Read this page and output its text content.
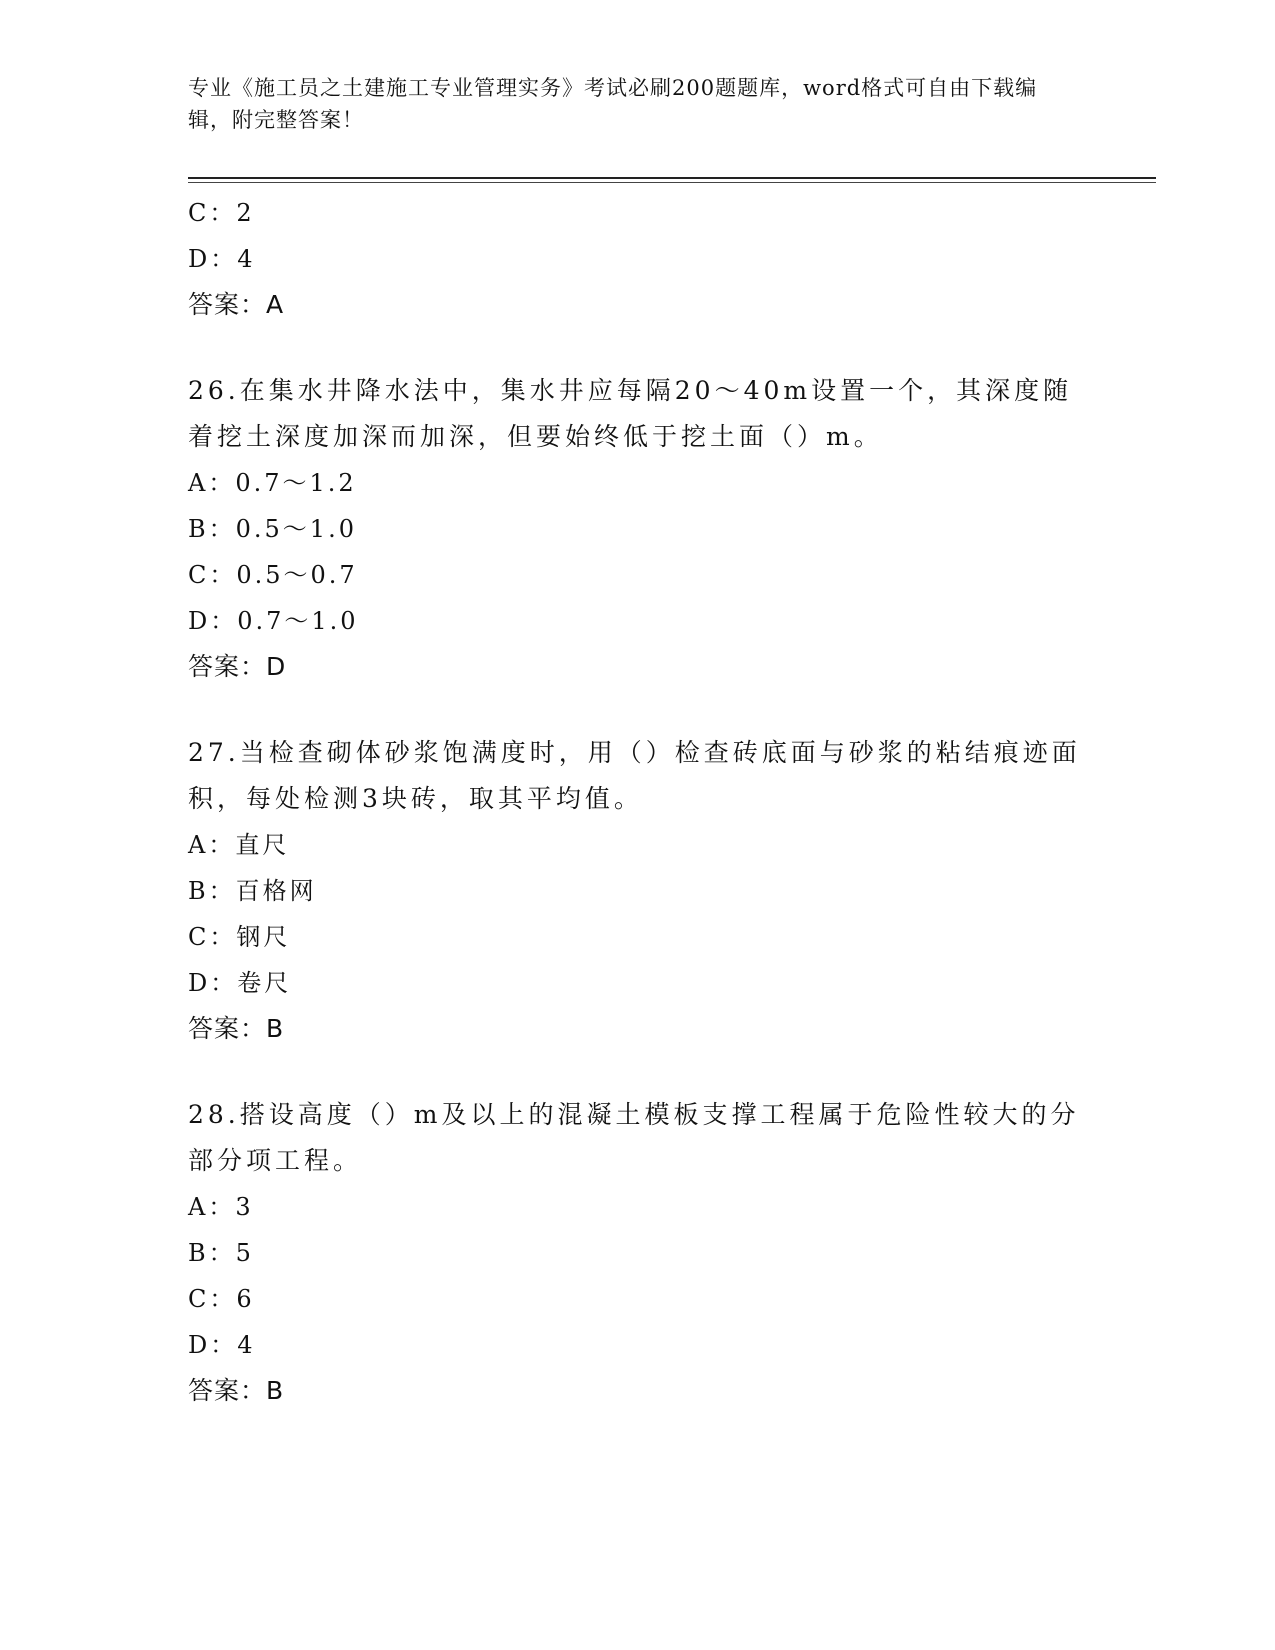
专业《施工员之土建施工专业管理实务》考试必刷200题题库，word格式可自由下载编辑，附完整答案！
C：2
D：4
答案：A
26.在集水井降水法中，集水井应每隔20～40m设置一个，其深度随着挖土深度加深而加深，但要始终低于挖土面（）m。
A：0.7～1.2
B：0.5～1.0
C：0.5～0.7
D：0.7～1.0
答案：D
27.当检查砌体砂浆饱满度时，用（）检查砖底面与砂浆的粘结痕迹面积，每处检测3块砖，取其平均值。
A：直尺
B：百格网
C：钢尺
D：卷尺
答案：B
28.搭设高度（）m及以上的混凝土模板支撑工程属于危险性较大的分部分项工程。
A：3
B：5
C：6
D：4
答案：B
